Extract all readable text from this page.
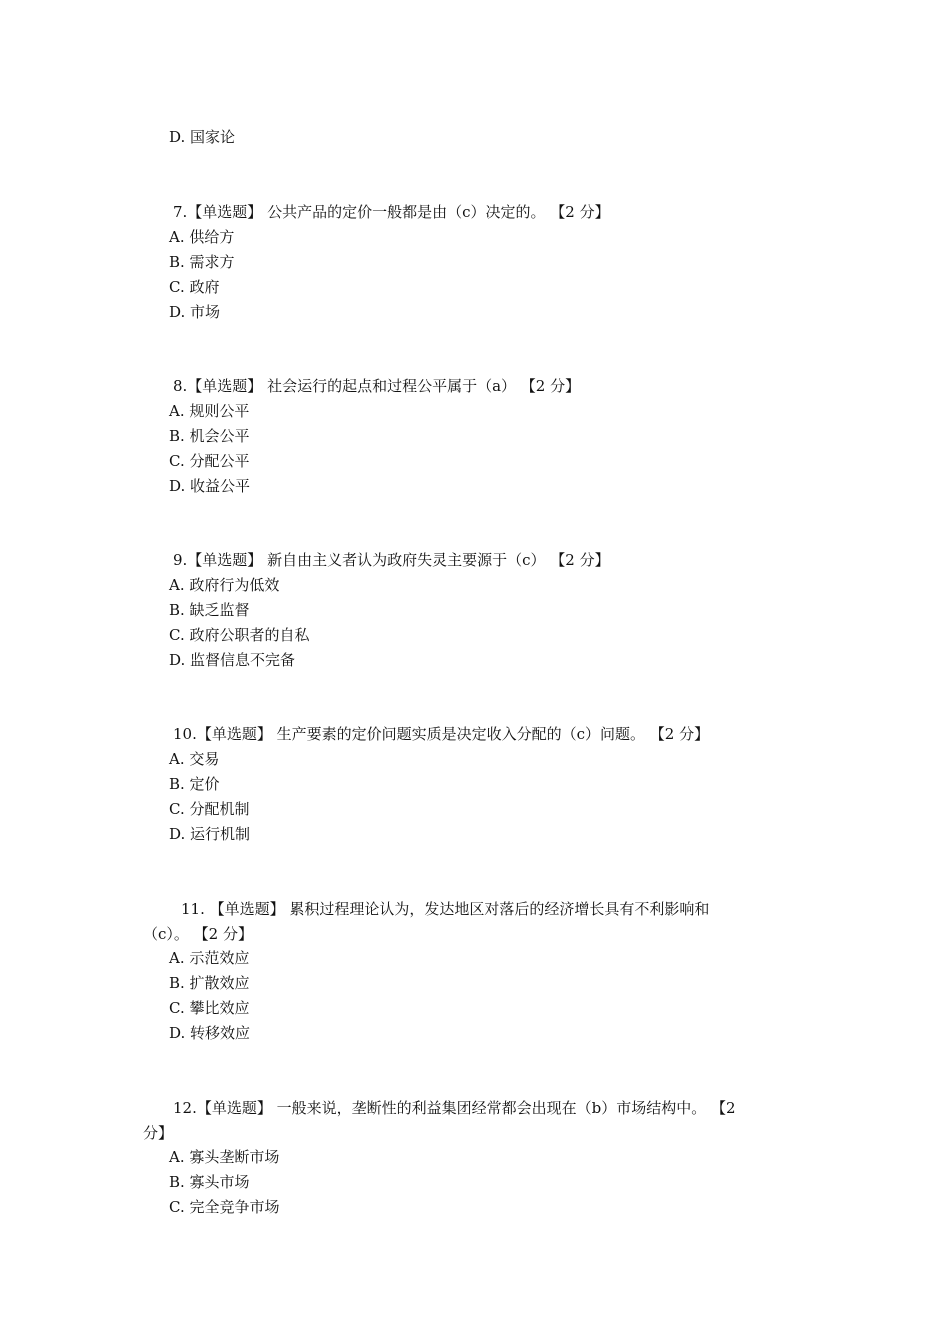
D. 国家论
7.【单选题】 公共产品的定价一般都是由（c）决定的。 【2 分】
A. 供给方
B. 需求方
C. 政府
D. 市场
8.【单选题】 社会运行的起点和过程公平属于（a） 【2 分】
A. 规则公平
B. 机会公平
C. 分配公平
D. 收益公平
9.【单选题】 新自由主义者认为政府失灵主要源于（c） 【2 分】
A. 政府行为低效
B. 缺乏监督
C. 政府公职者的自私
D. 监督信息不完备
10.【单选题】 生产要素的定价问题实质是决定收入分配的（c）问题。 【2 分】
A. 交易
B. 定价
C. 分配机制
D. 运行机制
11. 【单选题】 累积过程理论认为，发达地区对落后的经济增长具有不利影响和
（c）。 【2 分】
A. 示范效应
B. 扩散效应
C. 攀比效应
D. 转移效应
12.【单选题】 一般来说，垄断性的利益集团经常都会出现在（b）市场结构中。 【2
分】
A. 寡头垄断市场
B. 寡头市场
C. 完全竞争市场
